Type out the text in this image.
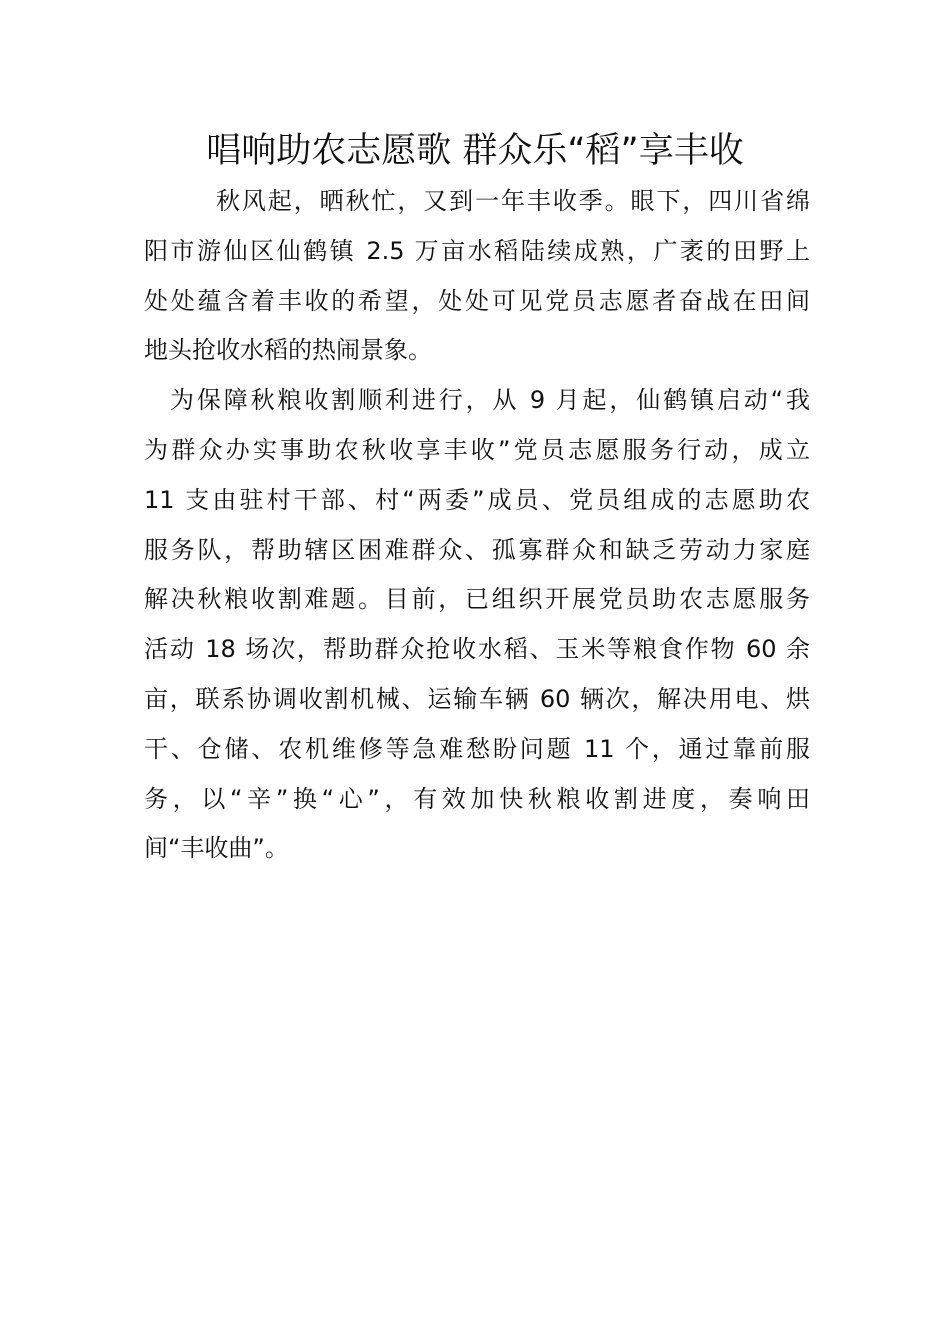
唱响助农志愿歌 群众乐“稻”享丰收
秋风起，晒秋忙，又到一年丰收季。眼下，四川省绵
阳市游仙区仙鹤镇 2.5 万亩水稻陆续成熟，广袤的田野上
处处蕴含着丰收的希望，处处可见党员志愿者奋战在田间
地头抢收水稻的热闹景象。
为保障秋粮收割顺利进行，从 9 月起，仙鹤镇启动“我
为群众办实事助农秋收享丰收”党员志愿服务行动，成立
11 支由驻村干部、村“两委”成员、党员组成的志愿助农
服务队，帮助辖区困难群众、孤寡群众和缺乏劳动力家庭
解决秋粮收割难题。目前，已组织开展党员助农志愿服务
活动 18 场次，帮助群众抢收水稻、玉米等粮食作物 60 余
亩，联系协调收割机械、运输车辆 60 辆次，解决用电、烘
干、仓储、农机维修等急难愁盼问题 11 个，通过靠前服
务，以“辛”换“心”，有效加快秋粮收割进度，奏响田
间“丰收曲”。
